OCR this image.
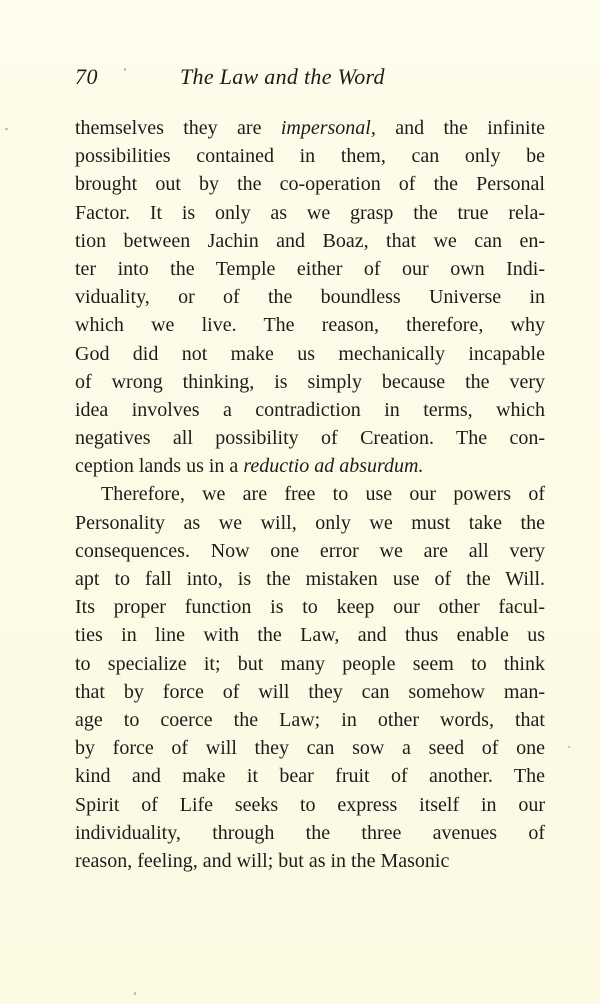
70	The Law and the Word
themselves they are impersonal, and the infinite
possibilities contained in them, can only be
brought out by the co-operation of the Personal
Factor. It is only as we grasp the true rela-
tion between Jachin and Boaz, that we can en-
ter into the Temple either of our own Indi-
viduality, or of the boundless Universe in
which we live. The reason, therefore, why
God did not make us mechanically incapable
of wrong thinking, is simply because the very
idea involves a contradiction in terms, which
negatives all possibility of Creation. The con-
ception lands us in a reductio ad absurdum.
Therefore, we are free to use our powers of
Personality as we will, only we must take the
consequences. Now one error we are all very
apt to fall into, is the mistaken use of the Will.
Its proper function is to keep our other facul-
ties in line with the Law, and thus enable us
to specialize it; but many people seem to think
that by force of will they can somehow man-
age to coerce the Law; in other words, that
by force of will they can sow a seed of one
kind and make it bear fruit of another. The
Spirit of Life seeks to express itself in our
individuality, through the three avenues of
reason, feeling, and will; but as in the Masonic
